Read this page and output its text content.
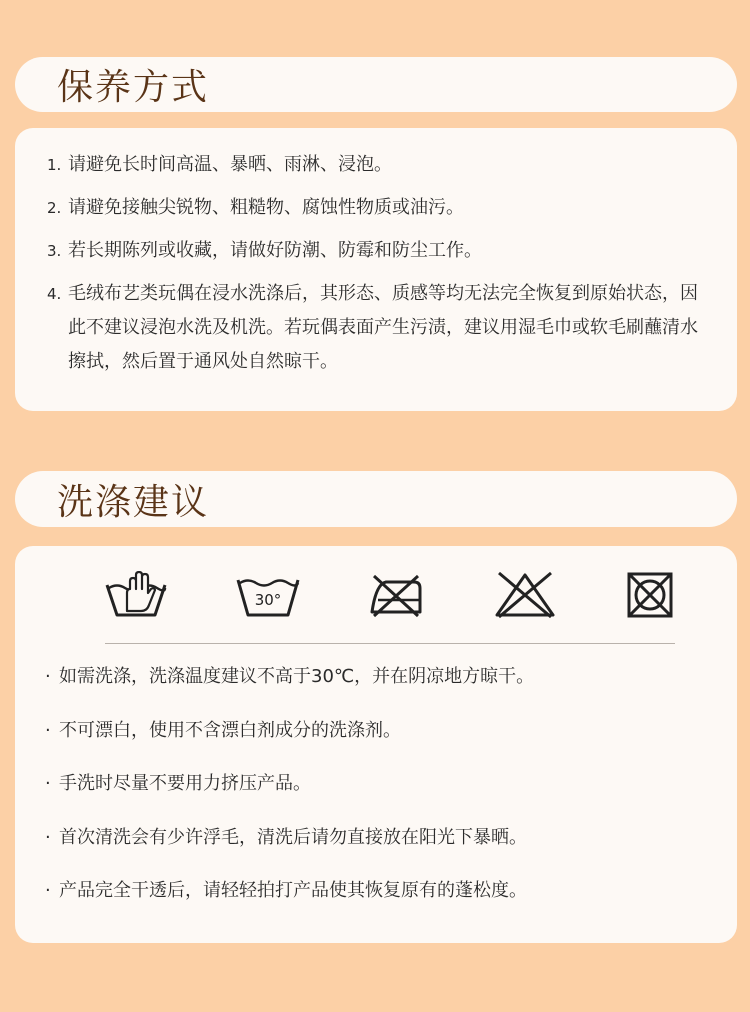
保养方式
1. 请避免长时间高温、暴晒、雨淋、浸泡。
2. 请避免接触尖锐物、粗糙物、腐蚀性物质或油污。
3. 若长期陈列或收藏，请做好防潮、防霉和防尘工作。
4. 毛绒布艺类玩偶在浸水洗涤后，其形态、质感等均无法完全恢复到原始状态，因此不建议浸泡水洗及机洗。若玩偶表面产生污渍，建议用湿毛巾或软毛刷蘸清水擦拭，然后置于通风处自然晾干。
洗涤建议
30°
· 如需洗涤，洗涤温度建议不高于30℃，并在阴凉地方晾干。
· 不可漂白，使用不含漂白剂成分的洗涤剂。
· 手洗时尽量不要用力挤压产品。
· 首次清洗会有少许浮毛，清洗后请勿直接放在阳光下暴晒。
· 产品完全干透后，请轻轻拍打产品使其恢复原有的蓬松度。
